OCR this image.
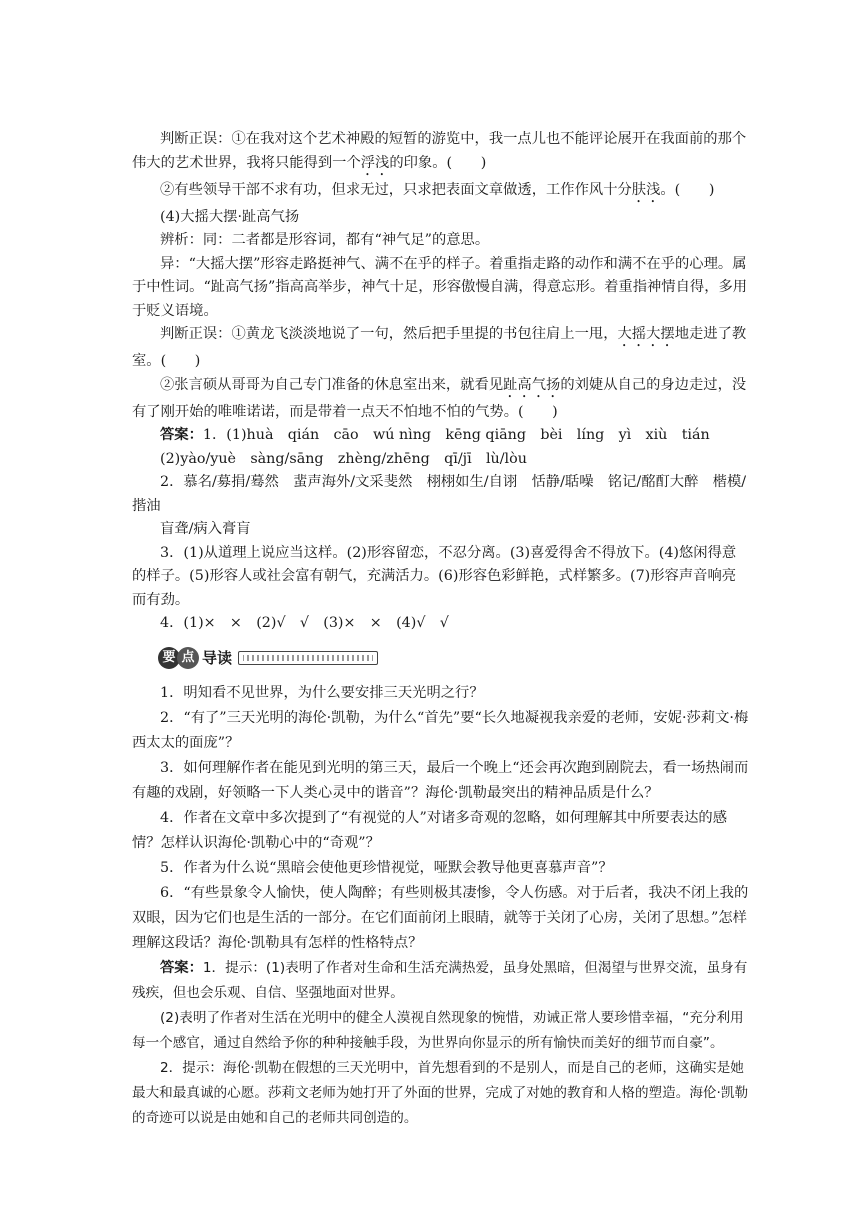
判断正误：①在我对这个艺术神殿的短暂的游览中，我一点儿也不能评论展开在我面前的那个伟大的艺术世界，我将只能得到一个浮浅的印象。(　　)

②有些领导干部不求有功，但求无过，只求把表面文章做透，工作作风十分肤浅。(　　)

(4)大摇大摆·趾高气扬

辨析：同：二者都是形容词，都有“神气足”的意思。

异：“大摇大摆”形容走路挺神气、满不在乎的样子。着重指走路的动作和满不在乎的心理。属于中性词。“趾高气扬”指高高举步，神气十足，形容傲慢自满，得意忘形。着重指神情自得，多用于贬义语境。

判断正误：①黄龙飞淡淡地说了一句，然后把手里提的书包往肩上一甩，大摇大摆地走进了教室。(　　)

②张言硕从哥哥为自己专门准备的休息室出来，就看见趾高气扬的刘婕从自己的身边走过，没有了刚开始的唯唯诺诺，而是带着一点天不怕地不怕的气势。(　　)

答案：1．(1)huà　qián　cāo　wú nìng　kēng qiāng　bèi　líng　yì　xiù　tián

(2)yào/yuè　sàng/sāng　zhèng/zhēng　qī/jī　lù/lòu

2．慕名/募捐/蓦然　蜚声海外/文采斐然　栩栩如生/自诩　恬静/聒噪　铭记/酩酊大醉　楷模/揩油

盲聋/病入膏肓

3．(1)从道理上说应当这样。(2)形容留恋，不忍分离。(3)喜爱得舍不得放下。(4)悠闲得意的样子。(5)形容人或社会富有朝气，充满活力。(6)形容色彩鲜艳，式样繁多。(7)形容声音响亮而有劲。

4．(1)×　×　(2)√　√　(3)×　×　(4)√　√

要 点 导读

1．明知看不见世界，为什么要安排三天光明之行？

2．“有了”三天光明的海伦·凯勒，为什么“首先”要“长久地凝视我亲爱的老师，安妮·莎莉文·梅西太太的面庞”？

3．如何理解作者在能见到光明的第三天，最后一个晚上“还会再次跑到剧院去，看一场热闹而有趣的戏剧，好领略一下人类心灵中的谐音”？海伦·凯勒最突出的精神品质是什么？

4．作者在文章中多次提到了“有视觉的人”对诸多奇观的忽略，如何理解其中所要表达的感情？怎样认识海伦·凯勒心中的“奇观”？

5．作者为什么说“黑暗会使他更珍惜视觉，哑默会教导他更喜慕声音”？

6．“有些景象令人愉快，使人陶醉；有些则极其凄惨，令人伤感。对于后者，我决不闭上我的双眼，因为它们也是生活的一部分。在它们面前闭上眼睛，就等于关闭了心房，关闭了思想。”怎样理解这段话？海伦·凯勒具有怎样的性格特点？

答案：1．提示：(1)表明了作者对生命和生活充满热爱，虽身处黑暗，但渴望与世界交流，虽身有残疾，但也会乐观、自信、坚强地面对世界。

(2)表明了作者对生活在光明中的健全人漠视自然现象的惋惜，劝诫正常人要珍惜幸福，“充分利用每一个感官，通过自然给予你的种种接触手段，为世界向你显示的所有愉快而美好的细节而自豪”。

2．提示：海伦·凯勒在假想的三天光明中，首先想看到的不是别人，而是自己的老师，这确实是她最大和最真诚的心愿。莎莉文老师为她打开了外面的世界，完成了对她的教育和人格的塑造。海伦·凯勒的奇迹可以说是由她和自己的老师共同创造的。
